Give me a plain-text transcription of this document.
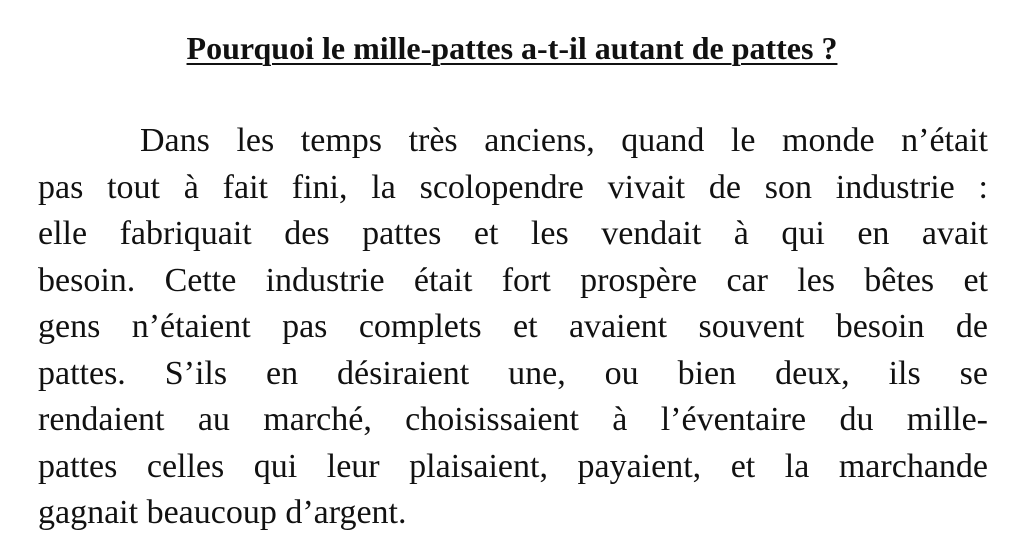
Pourquoi le mille-pattes a-t-il autant de pattes ?
Dans les temps très anciens, quand le monde n’était
pas tout à fait fini, la scolopendre vivait de son industrie :
elle fabriquait des pattes et les vendait à qui en avait
besoin. Cette industrie était fort prospère car les bêtes et
gens n’étaient pas complets et avaient souvent besoin de
pattes. S’ils en désiraient une, ou bien deux, ils se
rendaient au marché, choisissaient à l’éventaire du mille-
pattes celles qui leur plaisaient, payaient, et la marchande
gagnait beaucoup d’argent.
